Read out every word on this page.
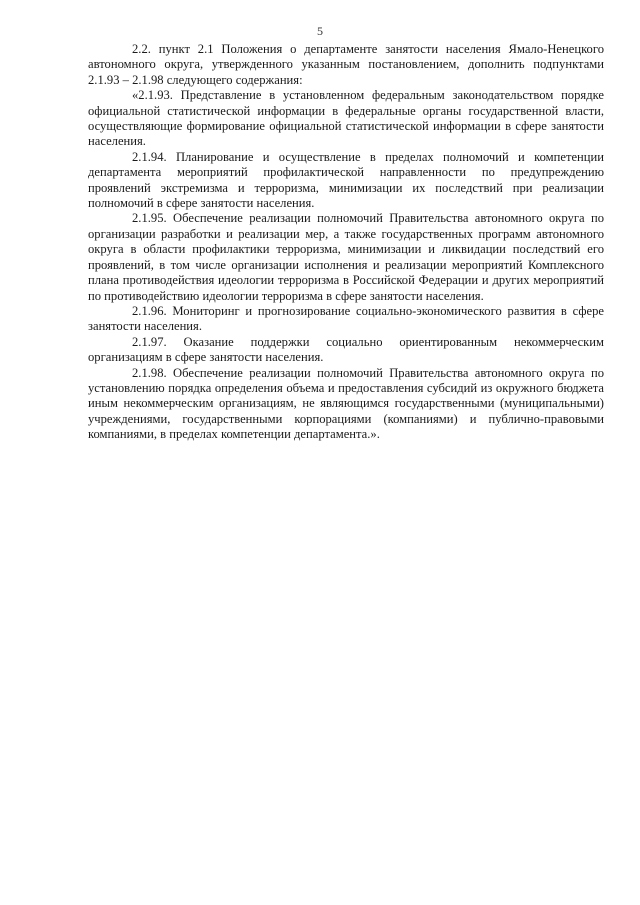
5

2.2. пункт 2.1 Положения о департаменте занятости населения Ямало-Ненецкого автономного округа, утвержденного указанным постановлением, дополнить подпунктами 2.1.93 – 2.1.98 следующего содержания:

«2.1.93. Представление в установленном федеральным законодательством порядке официальной статистической информации в федеральные органы государственной власти, осуществляющие формирование официальной статистической информации в сфере занятости населения.

2.1.94. Планирование и осуществление в пределах полномочий и компетенции департамента мероприятий профилактической направленности по предупреждению проявлений экстремизма и терроризма, минимизации их последствий при реализации полномочий в сфере занятости населения.

2.1.95. Обеспечение реализации полномочий Правительства автономного округа по организации разработки и реализации мер, а также государственных программ автономного округа в области профилактики терроризма, минимизации и ликвидации последствий его проявлений, в том числе организации исполнения и реализации мероприятий Комплексного плана противодействия идеологии терроризма в Российской Федерации и других мероприятий по противодействию идеологии терроризма в сфере занятости населения.

2.1.96. Мониторинг и прогнозирование социально-экономического развития в сфере занятости населения.

2.1.97. Оказание поддержки социально ориентированным некоммерческим организациям в сфере занятости населения.

2.1.98. Обеспечение реализации полномочий Правительства автономного округа по установлению порядка определения объема и предоставления субсидий из окружного бюджета иным некоммерческим организациям, не являющимся государственными (муниципальными) учреждениями, государственными корпорациями (компаниями) и публично-правовыми компаниями, в пределах компетенции департамента.».
